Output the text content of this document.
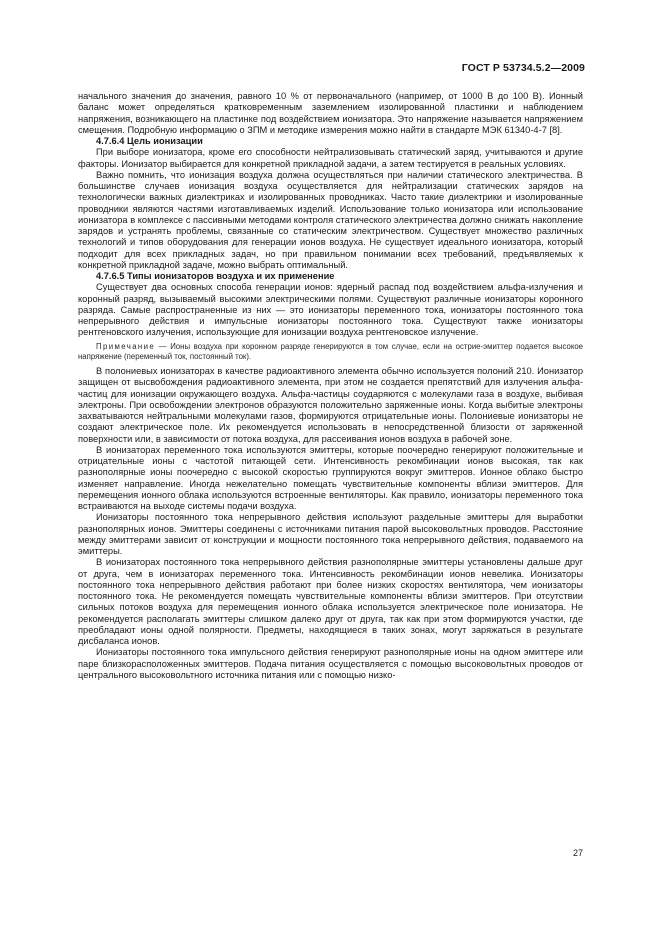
ГОСТ Р 53734.5.2—2009

начального значения до значения, равного 10 % от первоначального (например, от 1000 В до 100 В). Ионный баланс может определяться кратковременным заземлением изолированной пластинки и наблюдением напряжения, возникающего на пластинке под воздействием ионизатора. Это напряжение называется напряжением смещения. Подробную информацию о ЗПМ и методике измерения можно найти в стандарте МЭК 61340-4-7 [8].

4.7.6.4 Цель ионизации

При выборе ионизатора, кроме его способности нейтрализовывать статический заряд, учитываются и другие факторы. Ионизатор выбирается для конкретной прикладной задачи, а затем тестируется в реальных условиях.

Важно помнить, что ионизация воздуха должна осуществляться при наличии статического электричества. В большинстве случаев ионизация воздуха осуществляется для нейтрализации статических зарядов на технологически важных диэлектриках и изолированных проводниках. Часто такие диэлектрики и изолированные проводники являются частями изготавливаемых изделий. Использование только ионизатора или использование ионизатора в комплексе с пассивными методами контроля статического электричества должно снижать накопление зарядов и устранять проблемы, связанные со статическим электричеством. Существует множество различных технологий и типов оборудования для генерации ионов воздуха. Не существует идеального ионизатора, который подходит для всех прикладных задач, но при правильном понимании всех требований, предъявляемых к конкретной прикладной задаче, можно выбрать оптимальный.

4.7.6.5 Типы ионизаторов воздуха и их применение

Существует два основных способа генерации ионов: ядерный распад под воздействием альфа-излучения и коронный разряд, вызываемый высокими электрическими полями. Существуют различные ионизаторы коронного разряда. Самые распространенные из них — это ионизаторы переменного тока, ионизаторы постоянного тока непрерывного действия и импульсные ионизаторы постоянного тока. Существуют также ионизаторы рентгеновского излучения, использующие для ионизации воздуха рентгеновское излучение.

Примечание — Ионы воздуха при коронном разряде генерируются в том случае, если на острие-эмиттер подается высокое напряжение (переменный ток, постоянный ток).

В полониевых ионизаторах в качестве радиоактивного элемента обычно используется полоний 210. Ионизатор защищен от высвобождения радиоактивного элемента, при этом не создается препятствий для излучения альфа-частиц для ионизации окружающего воздуха. Альфа-частицы соударяются с молекулами газа в воздухе, выбивая электроны. При освобождении электронов образуются положительно заряженные ионы. Когда выбитые электроны захватываются нейтральными молекулами газов, формируются отрицательные ионы. Полониевые ионизаторы не создают электрическое поле. Их рекомендуется использовать в непосредственной близости от заряженной поверхности или, в зависимости от потока воздуха, для рассеивания ионов воздуха в рабочей зоне.

В ионизаторах переменного тока используются эмиттеры, которые поочередно генерируют положительные и отрицательные ионы с частотой питающей сети. Интенсивность рекомбинации ионов высокая, так как разнополярные ионы поочередно с высокой скоростью группируются вокруг эмиттеров. Ионное облако быстро изменяет направление. Иногда нежелательно помещать чувствительные компоненты вблизи эмиттеров. Для перемещения ионного облака используются встроенные вентиляторы. Как правило, ионизаторы переменного тока встраиваются на выходе системы подачи воздуха.

Ионизаторы постоянного тока непрерывного действия используют раздельные эмиттеры для выработки разнополярных ионов. Эмиттеры соединены с источниками питания парой высоковольтных проводов. Расстояние между эмиттерами зависит от конструкции и мощности постоянного тока непрерывного действия, подаваемого на эмиттеры.

В ионизаторах постоянного тока непрерывного действия разнополярные эмиттеры установлены дальше друг от друга, чем в ионизаторах переменного тока. Интенсивность рекомбинации ионов невелика. Ионизаторы постоянного тока непрерывного действия работают при более низких скоростях вентилятора, чем ионизаторы постоянного тока. Не рекомендуется помещать чувствительные компоненты вблизи эмиттеров. При отсутствии сильных потоков воздуха для перемещения ионного облака используется электрическое поле ионизатора. Не рекомендуется располагать эмиттеры слишком далеко друг от друга, так как при этом формируются участки, где преобладают ионы одной полярности. Предметы, находящиеся в таких зонах, могут заряжаться в результате дисбаланса ионов.

Ионизаторы постоянного тока импульсного действия генерируют разнополярные ионы на одном эмиттере или паре близкорасположенных эмиттеров. Подача питания осуществляется с помощью высоковольтных проводов от центрального высоковольтного источника питания или с помощью низко-

27
